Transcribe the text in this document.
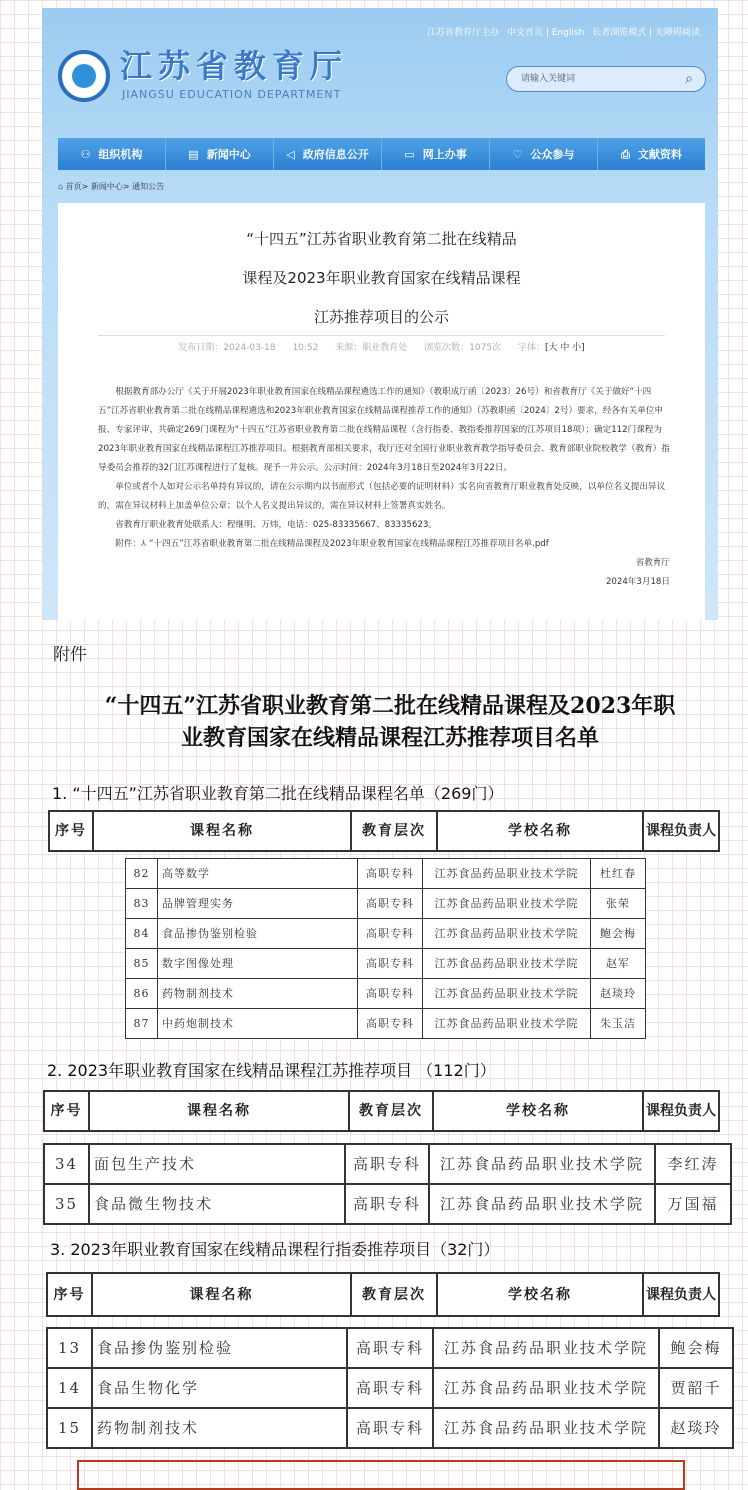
江苏省教育厅主办 中文首页 | English 长者浏览模式 | 无障碍阅读
江苏省教育厅
JIANGSU EDUCATION DEPARTMENT
请输入关键词	⌕
⚇ 组织机构	▤ 新闻中心	◁ 政府信息公开	▭ 网上办事	♡ 公众参与	⎙ 文献资料
⌂ 首页> 新闻中心> 通知公告
“十四五”江苏省职业教育第二批在线精品
课程及2023年职业教育国家在线精品课程
江苏推荐项目的公示
发布日期：2024-03-18 10:52 来源：职业教育处 浏览次数：1075次 字体：[大 中 小]

根据教育部办公厅《关于开展2023年职业教育国家在线精品课程遴选工作的通知》（教职成厅函〔2023〕26号）和省教育厅《关于做好“十四五”江苏省职业教育第二批在线精品课程遴选和2023年职业教育国家在线精品课程推荐工作的通知》（苏教职函〔2024〕2号）要求，经各有关单位申报、专家评审，共确定269门课程为“十四五”江苏省职业教育第二批在线精品课程（含行指委、教指委推荐国家的江苏项目18项）；确定112门课程为2023年职业教育国家在线精品课程江苏推荐项目。根据教育部相关要求，我厅还对全国行业职业教育教学指导委员会、教育部职业院校教学（教育）指导委员会推荐的32门江苏课程进行了复核。现予一并公示。公示时间：2024年3月18日至2024年3月22日。

单位或者个人如对公示名单持有异议的，请在公示期内以书面形式（包括必要的证明材料）实名向省教育厅职业教育处反映，以单位名义提出异议的，需在异议材料上加盖单位公章；以个人名义提出异议的，需在异议材料上签署真实姓名。

省教育厅职业教育处联系人：程继明、万炜，电话：025-83335667、83335623。

附件：⅄ “十四五”江苏省职业教育第二批在线精品课程及2023年职业教育国家在线精品课程江苏推荐项目名单.pdf

省教育厅
2024年3月18日
附件
“十四五”江苏省职业教育第二批在线精品课程及2023年职
业教育国家在线精品课程江苏推荐项目名单
1. “十四五”江苏省职业教育第二批在线精品课程名单（269门）
2. 2023年职业教育国家在线精品课程江苏推荐项目 （112门）
3. 2023年职业教育国家在线精品课程行指委推荐项目（32门）
序号	课程名称	教育层次	学校名称	课程负责人
82	高等数学	高职专科	江苏食品药品职业技术学院	杜红春
83	品牌管理实务	高职专科	江苏食品药品职业技术学院	张荣
84	食品掺伪鉴别检验	高职专科	江苏食品药品职业技术学院	鲍会梅
85	数字图像处理	高职专科	江苏食品药品职业技术学院	赵军
86	药物制剂技术	高职专科	江苏食品药品职业技术学院	赵琰玲
87	中药炮制技术	高职专科	江苏食品药品职业技术学院	朱玉洁
序号	课程名称	教育层次	学校名称	课程负责人
34	面包生产技术	高职专科	江苏食品药品职业技术学院	李红涛
35	食品微生物技术	高职专科	江苏食品药品职业技术学院	万国福
序号	课程名称	教育层次	学校名称	课程负责人
13	食品掺伪鉴别检验	高职专科	江苏食品药品职业技术学院	鲍会梅
14	食品生物化学	高职专科	江苏食品药品职业技术学院	贾韶千
15	药物制剂技术	高职专科	江苏食品药品职业技术学院	赵琰玲
